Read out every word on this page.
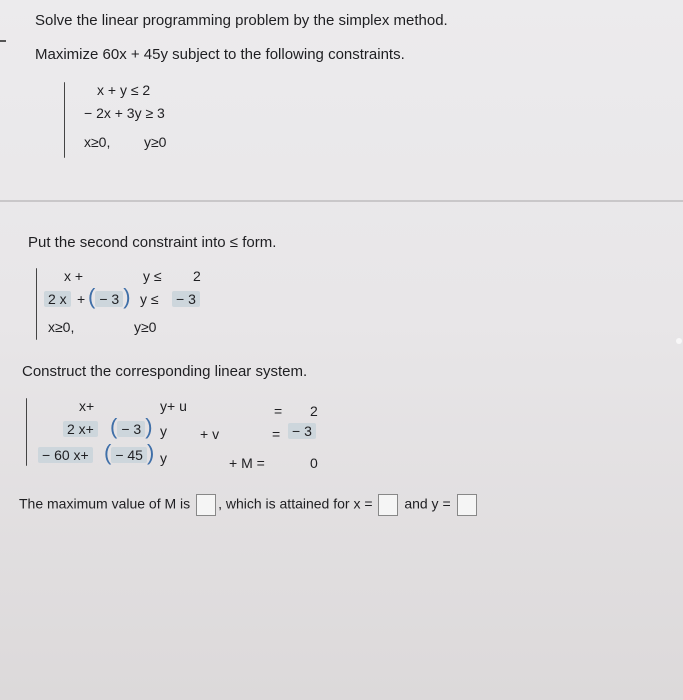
Solve the linear programming problem by the simplex method.
Maximize 60x + 45y subject to the following constraints.
x + y ≤ 2
− 2x + 3y ≥ 3
x≥0, y≥0
Put the second constraint into ≤ form.
x +	y ≤ 2
2 x + ( − 3 ) y ≤ − 3
x≥0,	y≥0
Construct the corresponding linear system.
x+	y+ u	= 2
2 x+ ( − 3 ) y + v	= − 3
− 60 x+ ( − 45 ) y	+ M =	0
The maximum value of M is , which is attained for x = and y =
